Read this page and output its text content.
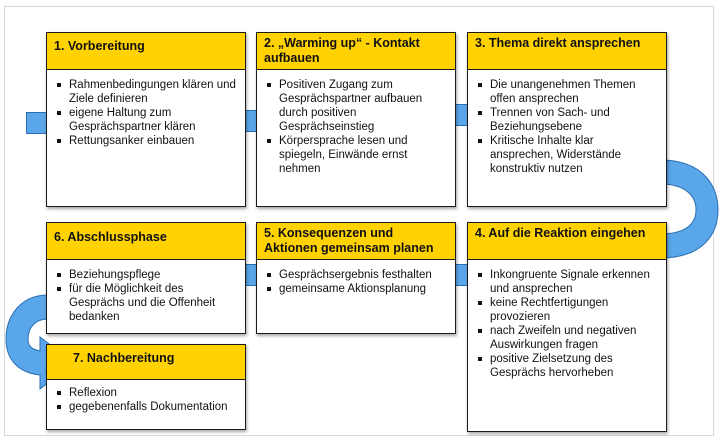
1. Vorbereitung
Rahmenbedingungen klären und Ziele definieren
eigene Haltung zum Gesprächspartner klären
Rettungsanker einbauen
2. „Warming up“ - Kontakt aufbauen
Positiven Zugang zum Gesprächspartner aufbauen durch positiven Gesprächseinstieg
Körpersprache lesen und spiegeln, Einwände ernst nehmen
3. Thema direkt ansprechen
Die unangenehmen Themen offen ansprechen
Trennen von Sach- und Beziehungsebene
Kritische Inhalte klar ansprechen, Widerstände konstruktiv nutzen
6. Abschlussphase
Beziehungspflege
für die Möglichkeit des Gesprächs und die Offenheit bedanken
5. Konsequenzen und Aktionen gemeinsam planen
Gesprächsergebnis festhalten
gemeinsame Aktionsplanung
4. Auf die Reaktion eingehen
Inkongruente Signale erkennen und ansprechen
keine Rechtfertigungen provozieren
nach Zweifeln und negativen Auswirkungen fragen
positive Zielsetzung des Gesprächs hervorheben
7. Nachbereitung
Reflexion
gegebenenfalls Dokumentation
